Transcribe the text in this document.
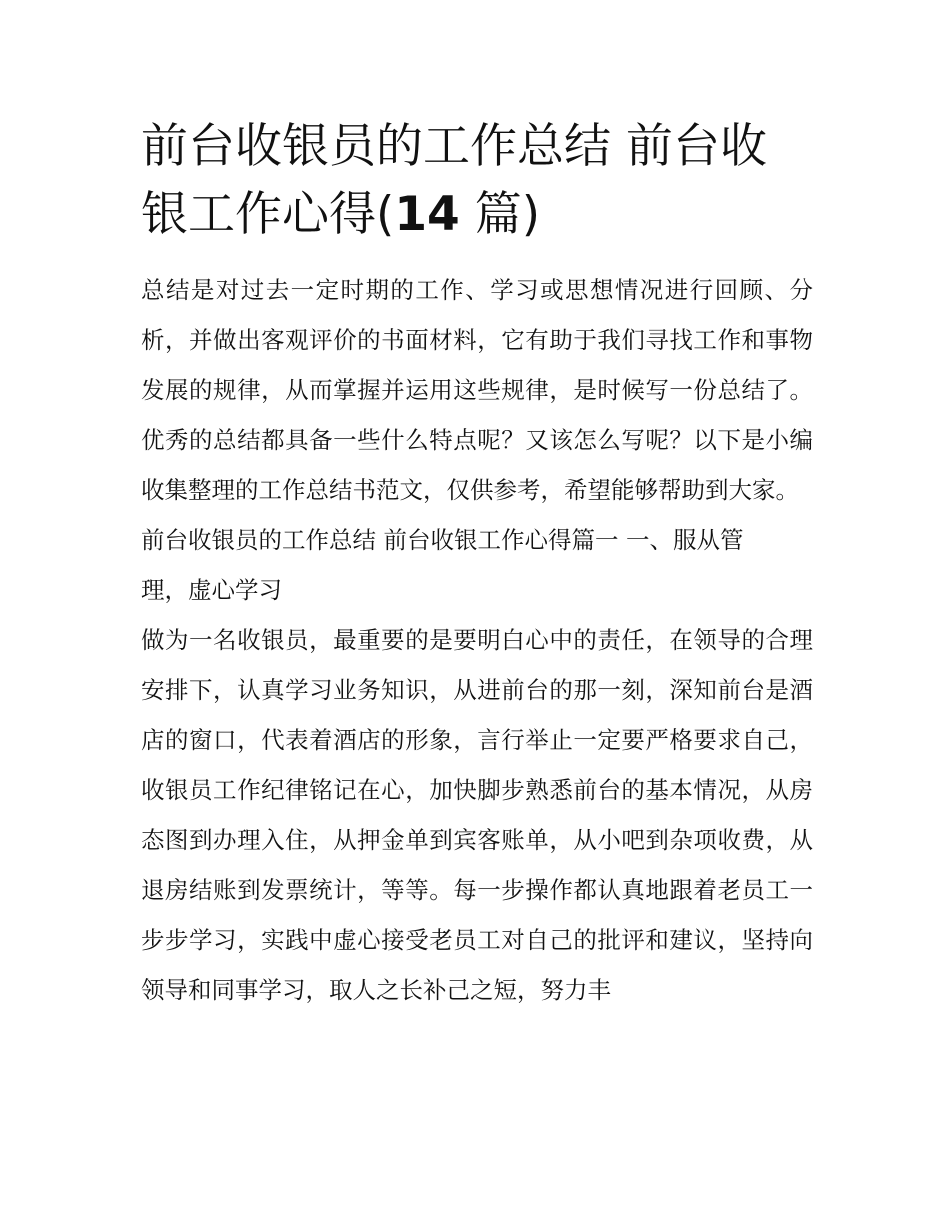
前台收银员的工作总结 前台收银工作心得(14 篇)

总结是对过去一定时期的工作、学习或思想情况进行回顾、分析，并做出客观评价的书面材料，它有助于我们寻找工作和事物发展的规律，从而掌握并运用这些规律，是时候写一份总结了。优秀的总结都具备一些什么特点呢？又该怎么写呢？以下是小编收集整理的工作总结书范文，仅供参考，希望能够帮助到大家。

前台收银员的工作总结 前台收银工作心得篇一 一、服从管理，虚心学习

做为一名收银员，最重要的是要明白心中的责任，在领导的合理安排下，认真学习业务知识，从进前台的那一刻，深知前台是酒店的窗口，代表着酒店的形象，言行举止一定要严格要求自己，收银员工作纪律铭记在心，加快脚步熟悉前台的基本情况，从房态图到办理入住，从押金单到宾客账单，从小吧到杂项收费，从退房结账到发票统计，等等。每一步操作都认真地跟着老员工一步步学习，实践中虚心接受老员工对自己的批评和建议，坚持向领导和同事学习，取人之长补己之短，努力丰
